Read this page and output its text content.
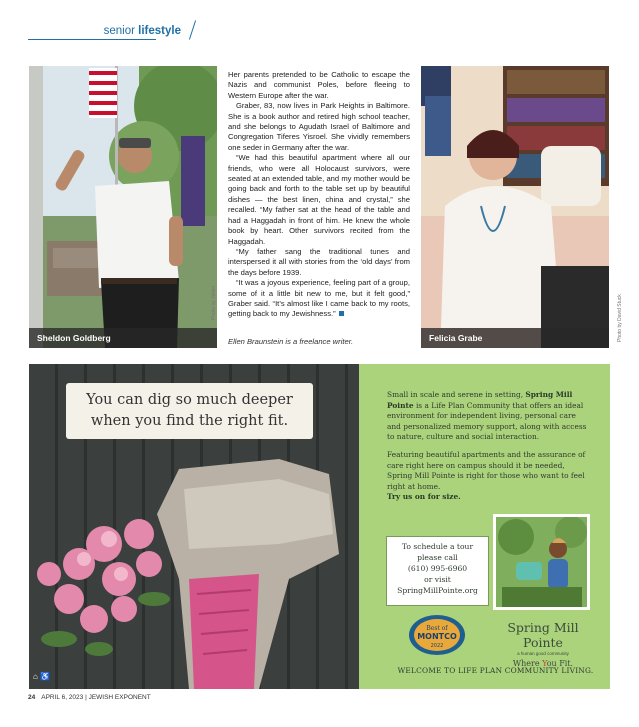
senior lifestyle
Sheldon Goldberg
Photo by Jallen

Her parents pretended to be Catholic to escape the Nazis and communist Poles, before fleeing to Western Europe after the war.

Graber, 83, now lives in Park Heights in Baltimore. She is a book author and retired high school teacher, and she belongs to Agudath Israel of Baltimore and Congregation Tiferes Yisroel. She vividly remembers one seder in Germany after the war.

“We had this beautiful apartment where all our friends, who were all Holocaust survivors, were seated at an extended table, and my mother would be going back and forth to the table set up by beautiful dishes — the best linen, china and crystal,” she recalled. “My father sat at the head of the table and had a Haggadah in front of him. He knew the whole book by heart. Other survivors recited from the Haggadah.

“My father sang the traditional tunes and interspersed it all with stories from the ‘old days’ from the days before 1939.

“It was a joyous experience, feeling part of a group, some of it a little bit new to me, but it felt good,” Graber said. “It’s almost like I came back to my roots, getting back to my Jewishness.”

Ellen Braunstein is a freelance writer.	Felicia Grabe	Photo by David Stuck
You can dig so much deeper
when you find the right fit.
⌂ ♿

Small in scale and serene in setting, Spring Mill Pointe is a Life Plan Community that offers an ideal environment for independent living, personal care and personalized memory support, along with access to nature, culture and social interaction.

Featuring beautiful apartments and the assurance of care right here on campus should it be needed, Spring Mill Pointe is right for those who want to feel right at home.
Try us on for size.

To schedule a tour
please call
(610) 995-6960
or visit
SpringMillPointe.org
Best of
MONTCO
2022
Spring Mill Pointe
a human good community
Where You Fit.
WELCOME TO LIFE PLAN COMMUNITY LIVING.
24 APRIL 6, 2023 | JEWISH EXPONENT
